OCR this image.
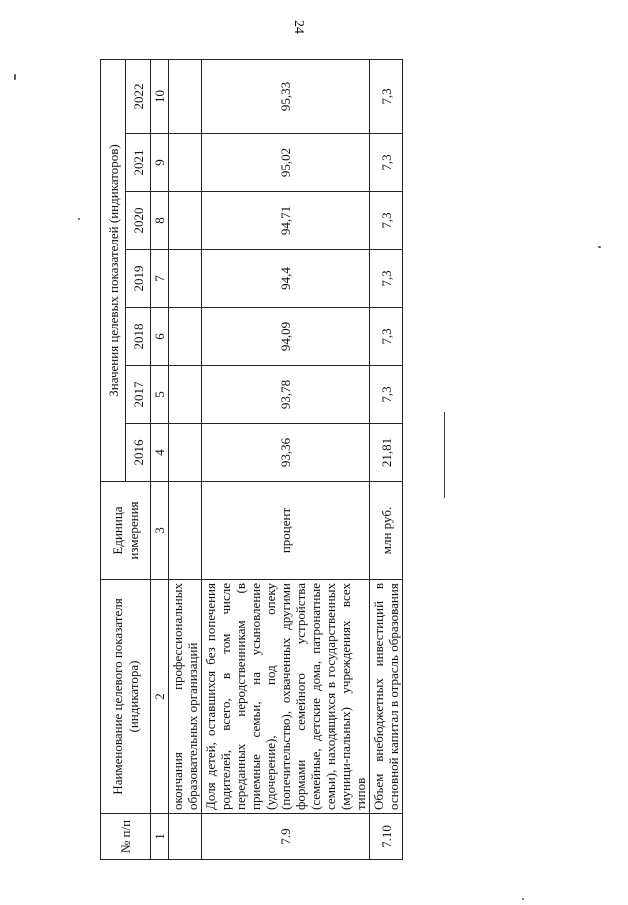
24
№ п/п	Наименование целевого показателя (индикатора)	Единица измерения	Значения целевых показателей (индикаторов)						
			2016	2017	2018	2019	2020	2021	2022
1	2	3	4	5	6	7	8	9	10
	окончания профессиональных образовательных организаций								
7.9	Доля детей, оставшихся без попечения родителей, всего, в том числе переданных неродственникам (в приемные семьи, на усыновление (удочерение), под опеку (попечительство), охваченных другими формами семейного устройства (семейные, детские дома, патронатные семьи), находящихся в государственных (муници-пальных) учреждениях всех типов	процент	93,36	93,78	94,09	94,4	94,71	95,02	95,33
7.10	Объем внебюджетных инвестиций в основной капитал в отрасль образования	млн руб.	21,81	7,3	7,3	7,3	7,3	7,3	7,3
